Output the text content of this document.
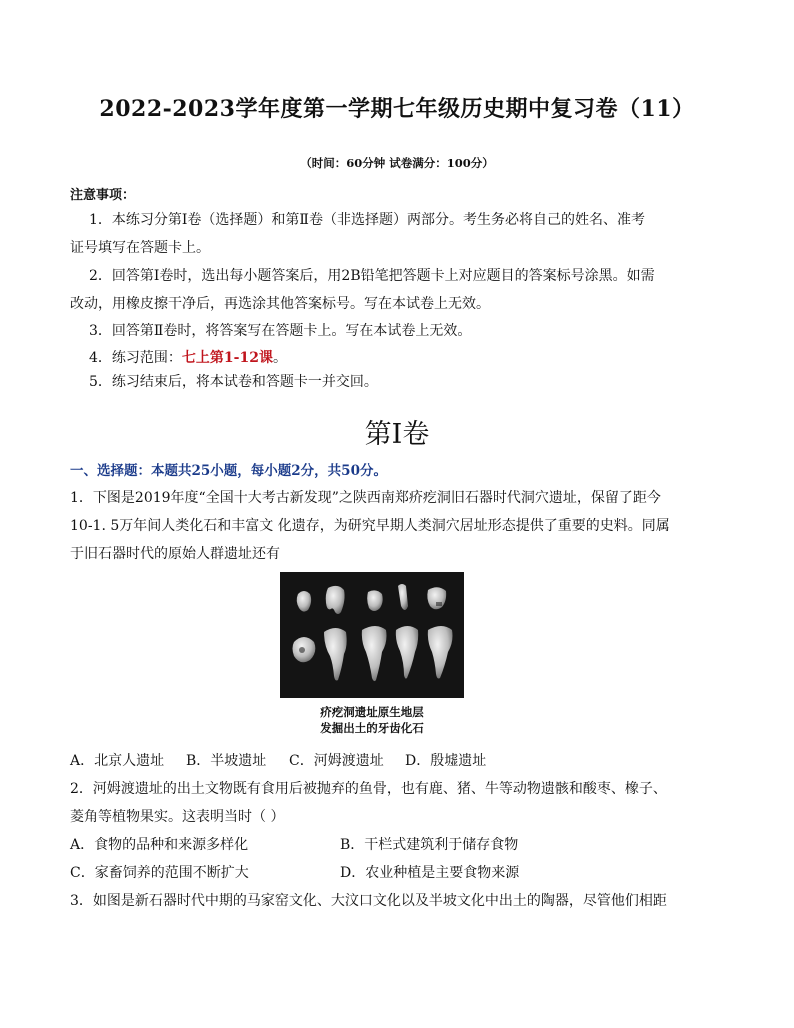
2022-2023学年度第一学期七年级历史期中复习卷（11）
（时间：60分钟 试卷满分：100分）
注意事项：
1．本练习分第Ⅰ卷（选择题）和第Ⅱ卷（非选择题）两部分。考生务必将自己的姓名、准考
证号填写在答题卡上。
2．回答第Ⅰ卷时，选出每小题答案后，用2B铅笔把答题卡上对应题目的答案标号涂黑。如需
改动，用橡皮擦干净后，再选涂其他答案标号。写在本试卷上无效。
3．回答第Ⅱ卷时，将答案写在答题卡上。写在本试卷上无效。
4．练习范围：七上第1-12课。
5．练习结束后，将本试卷和答题卡一并交回。
第Ⅰ卷
一、选择题：本题共25小题，每小题2分，共50分。
1．下图是2019年度“全国十大考古新发现”之陕西南郑疥疙洞旧石器时代洞穴遗址，保留了距今
10-1. 5万年间人类化石和丰富文 化遗存，为研究早期人类洞穴居址形态提供了重要的史料。同属
于旧石器时代的原始人群遗址还有
疥疙洞遗址原生地层
发掘出土的牙齿化石
A．北京人遗址 B．半坡遗址 C．河姆渡遗址 D．殷墟遗址
2．河姆渡遗址的出土文物既有食用后被抛弃的鱼骨，也有鹿、猪、牛等动物遗骸和酸枣、橡子、
菱角等植物果实。这表明当时（ ）
A．食物的品种和来源多样化	B．干栏式建筑利于储存食物
C．家畜饲养的范围不断扩大	D．农业种植是主要食物来源
3．如图是新石器时代中期的马家窑文化、大汶口文化以及半坡文化中出土的陶器，尽管他们相距
